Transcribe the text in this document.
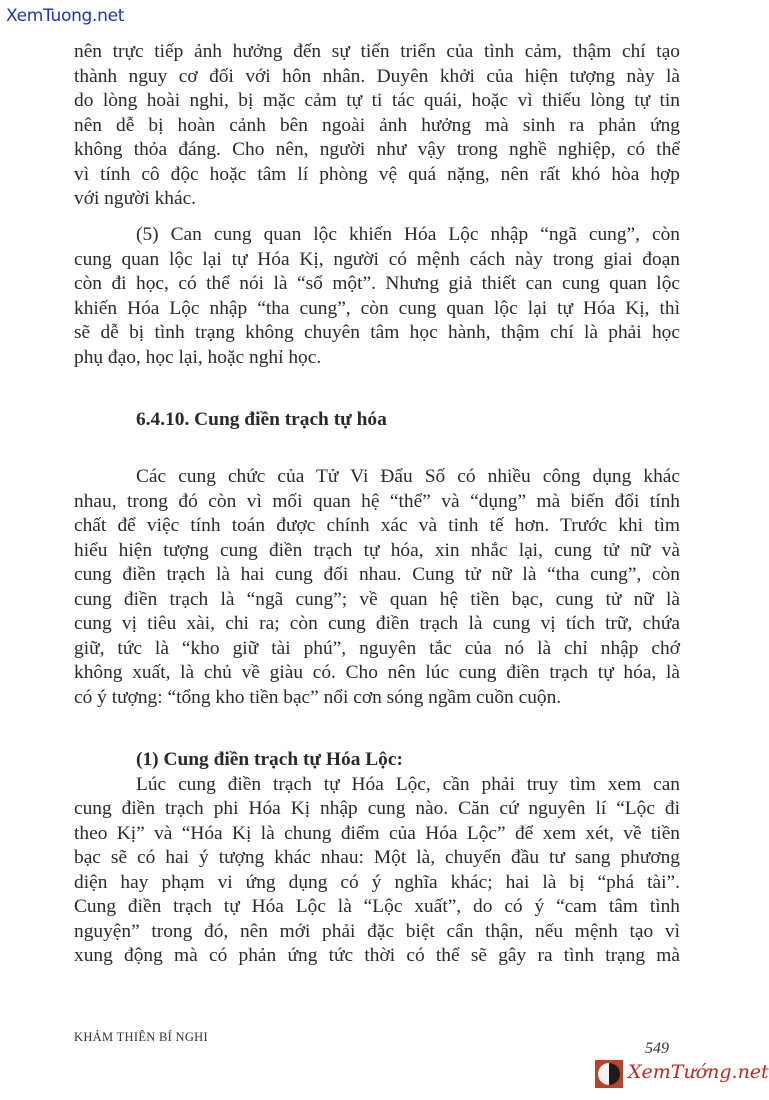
XemTuong.net
nên trực tiếp ảnh hưởng đến sự tiến triển của tình cảm, thậm chí tạo
thành nguy cơ đối với hôn nhân. Duyên khởi của hiện tượng này là
do lòng hoài nghi, bị mặc cảm tự ti tác quái, hoặc vì thiếu lòng tự tin
nên dễ bị hoàn cảnh bên ngoài ảnh hưởng mà sinh ra phản ứng
không thỏa đáng. Cho nên, người như vậy trong nghề nghiệp, có thể
vì tính cô độc hoặc tâm lí phòng vệ quá nặng, nên rất khó hòa hợp
với người khác.
(5) Can cung quan lộc khiến Hóa Lộc nhập “ngã cung”, còn
cung quan lộc lại tự Hóa Kị, người có mệnh cách này trong giai đoạn
còn đi học, có thể nói là “số một”. Nhưng giả thiết can cung quan lộc
khiến Hóa Lộc nhập “tha cung”, còn cung quan lộc lại tự Hóa Kị, thì
sẽ dễ bị tình trạng không chuyên tâm học hành, thậm chí là phải học
phụ đạo, học lại, hoặc nghỉ học.
6.4.10. Cung điền trạch tự hóa
Các cung chức của Tử Vi Đẩu Số có nhiều công dụng khác
nhau, trong đó còn vì mối quan hệ “thể” và “dụng” mà biến đổi tính
chất để việc tính toán được chính xác và tinh tế hơn. Trước khi tìm
hiểu hiện tượng cung điền trạch tự hóa, xin nhắc lại, cung tử nữ và
cung điền trạch là hai cung đối nhau. Cung tử nữ là “tha cung”, còn
cung điền trạch là “ngã cung”; về quan hệ tiền bạc, cung tử nữ là
cung vị tiêu xài, chi ra; còn cung điền trạch là cung vị tích trữ, chứa
giữ, tức là “kho giữ tài phú”, nguyên tắc của nó là chỉ nhập chớ
không xuất, là chủ về giàu có. Cho nên lúc cung điền trạch tự hóa, là
có ý tượng: “tổng kho tiền bạc” nổi cơn sóng ngầm cuồn cuộn.
(1) Cung điền trạch tự Hóa Lộc:
Lúc cung điền trạch tự Hóa Lộc, cần phải truy tìm xem can
cung điền trạch phi Hóa Kị nhập cung nào. Căn cứ nguyên lí “Lộc đi
theo Kị” và “Hóa Kị là chung điểm của Hóa Lộc” để xem xét, về tiền
bạc sẽ có hai ý tượng khác nhau: Một là, chuyển đầu tư sang phương
diện hay phạm vi ứng dụng có ý nghĩa khác; hai là bị “phá tài”.
Cung điền trạch tự Hóa Lộc là “Lộc xuất”, do có ý “cam tâm tình
nguyện” trong đó, nên mới phải đặc biệt cẩn thận, nếu mệnh tạo vì
xung động mà có phản ứng tức thời có thể sẽ gây ra tình trạng mà
KHẢM THIÊN BÍ NGHI
549
XemTướng.net
